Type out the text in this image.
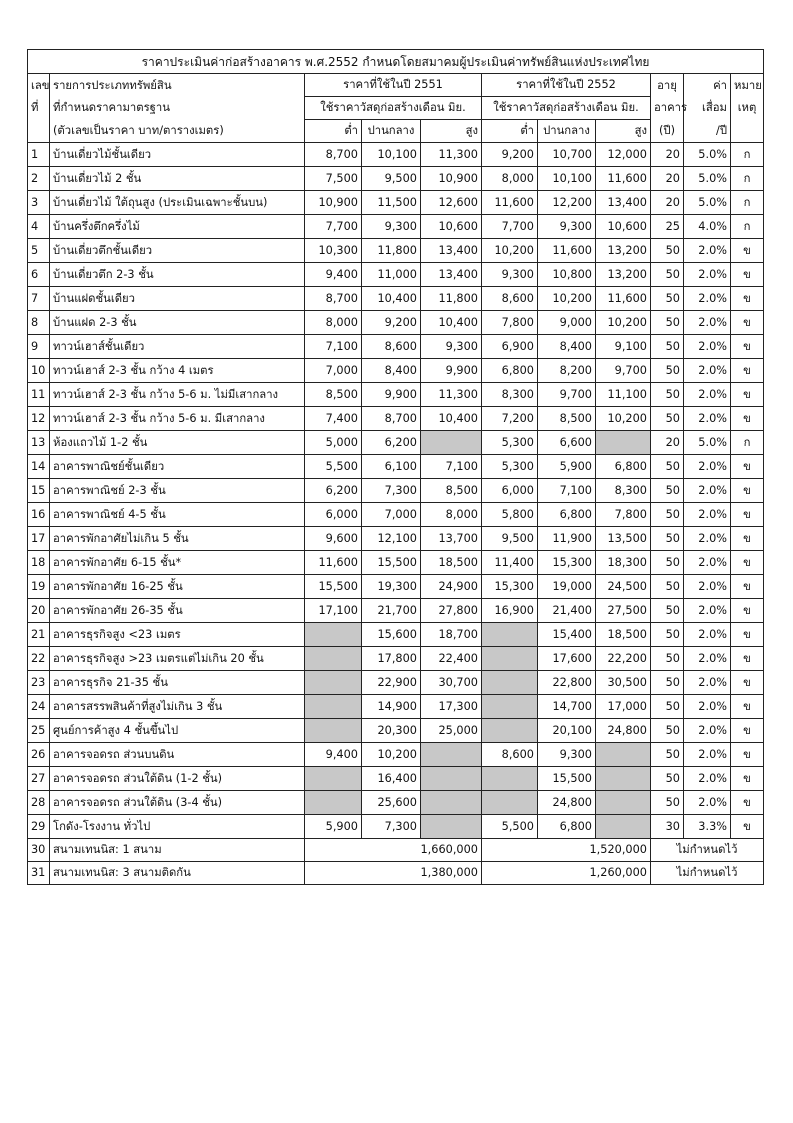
ราคาประเมินค่าก่อสร้างอาคาร พ.ศ.2552 กำหนดโดยสมาคมผู้ประเมินค่าทรัพย์สินแห่งประเทศไทย										
เลข	รายการประเภททรัพย์สิน	ราคาที่ใช้ในปี 2551			ราคาที่ใช้ในปี 2552			อายุ	ค่า	หมาย
ที่	ที่กำหนดราคามาตรฐาน	ใช้ราคาวัสดุก่อสร้างเดือน มิย.			ใช้ราคาวัสดุก่อสร้างเดือน มิย.			อาคาร	เสื่อม	เหตุ
	(ตัวเลขเป็นราคา บาท/ตารางเมตร)	ต่ำ	ปานกลาง	สูง	ต่ำ	ปานกลาง	สูง	(ปี)	/ปี	
1	บ้านเดี่ยวไม้ชั้นเดียว	8,700	10,100	11,300	9,200	10,700	12,000	20	5.0%	ก
2	บ้านเดี่ยวไม้ 2 ชั้น	7,500	9,500	10,900	8,000	10,100	11,600	20	5.0%	ก
3	บ้านเดี่ยวไม้ ใต้ถุนสูง (ประเมินเฉพาะชั้นบน)	10,900	11,500	12,600	11,600	12,200	13,400	20	5.0%	ก
4	บ้านครึ่งตึกครึ่งไม้	7,700	9,300	10,600	7,700	9,300	10,600	25	4.0%	ก
5	บ้านเดี่ยวตึกชั้นเดียว	10,300	11,800	13,400	10,200	11,600	13,200	50	2.0%	ข
6	บ้านเดี่ยวตึก 2-3 ชั้น	9,400	11,000	13,400	9,300	10,800	13,200	50	2.0%	ข
7	บ้านแฝดชั้นเดียว	8,700	10,400	11,800	8,600	10,200	11,600	50	2.0%	ข
8	บ้านแฝด 2-3 ชั้น	8,000	9,200	10,400	7,800	9,000	10,200	50	2.0%	ข
9	ทาวน์เฮาส์ชั้นเดียว	7,100	8,600	9,300	6,900	8,400	9,100	50	2.0%	ข
10	ทาวน์เฮาส์ 2-3 ชั้น กว้าง 4 เมตร	7,000	8,400	9,900	6,800	8,200	9,700	50	2.0%	ข
11	ทาวน์เฮาส์ 2-3 ชั้น กว้าง 5-6 ม. ไม่มีเสากลาง	8,500	9,900	11,300	8,300	9,700	11,100	50	2.0%	ข
12	ทาวน์เฮาส์ 2-3 ชั้น กว้าง 5-6 ม. มีเสากลาง	7,400	8,700	10,400	7,200	8,500	10,200	50	2.0%	ข
13	ห้องแถวไม้ 1-2 ชั้น	5,000	6,200		5,300	6,600		20	5.0%	ก
14	อาคารพาณิชย์ชั้นเดียว	5,500	6,100	7,100	5,300	5,900	6,800	50	2.0%	ข
15	อาคารพาณิชย์ 2-3 ชั้น	6,200	7,300	8,500	6,000	7,100	8,300	50	2.0%	ข
16	อาคารพาณิชย์ 4-5 ชั้น	6,000	7,000	8,000	5,800	6,800	7,800	50	2.0%	ข
17	อาคารพักอาศัยไม่เกิน 5 ชั้น	9,600	12,100	13,700	9,500	11,900	13,500	50	2.0%	ข
18	อาคารพักอาศัย 6-15 ชั้น*	11,600	15,500	18,500	11,400	15,300	18,300	50	2.0%	ข
19	อาคารพักอาศัย 16-25 ชั้น	15,500	19,300	24,900	15,300	19,000	24,500	50	2.0%	ข
20	อาคารพักอาศัย 26-35 ชั้น	17,100	21,700	27,800	16,900	21,400	27,500	50	2.0%	ข
21	อาคารธุรกิจสูง <23 เมตร		15,600	18,700		15,400	18,500	50	2.0%	ข
22	อาคารธุรกิจสูง >23 เมตรแต่ไม่เกิน 20 ชั้น		17,800	22,400		17,600	22,200	50	2.0%	ข
23	อาคารธุรกิจ 21-35 ชั้น		22,900	30,700		22,800	30,500	50	2.0%	ข
24	อาคารสรรพสินค้าที่สูงไม่เกิน 3 ชั้น		14,900	17,300		14,700	17,000	50	2.0%	ข
25	ศูนย์การค้าสูง 4 ชั้นขึ้นไป		20,300	25,000		20,100	24,800	50	2.0%	ข
26	อาคารจอดรถ ส่วนบนดิน	9,400	10,200		8,600	9,300		50	2.0%	ข
27	อาคารจอดรถ ส่วนใต้ดิน (1-2 ชั้น)		16,400			15,500		50	2.0%	ข
28	อาคารจอดรถ ส่วนใต้ดิน (3-4 ชั้น)		25,600			24,800		50	2.0%	ข
29	โกดัง-โรงงาน ทั่วไป	5,900	7,300		5,500	6,800		30	3.3%	ข
30	สนามเทนนิส: 1 สนาม	1,660,000			1,520,000			ไม่กำหนดไว้		
31	สนามเทนนิส: 3 สนามติดกัน	1,380,000			1,260,000			ไม่กำหนดไว้		
